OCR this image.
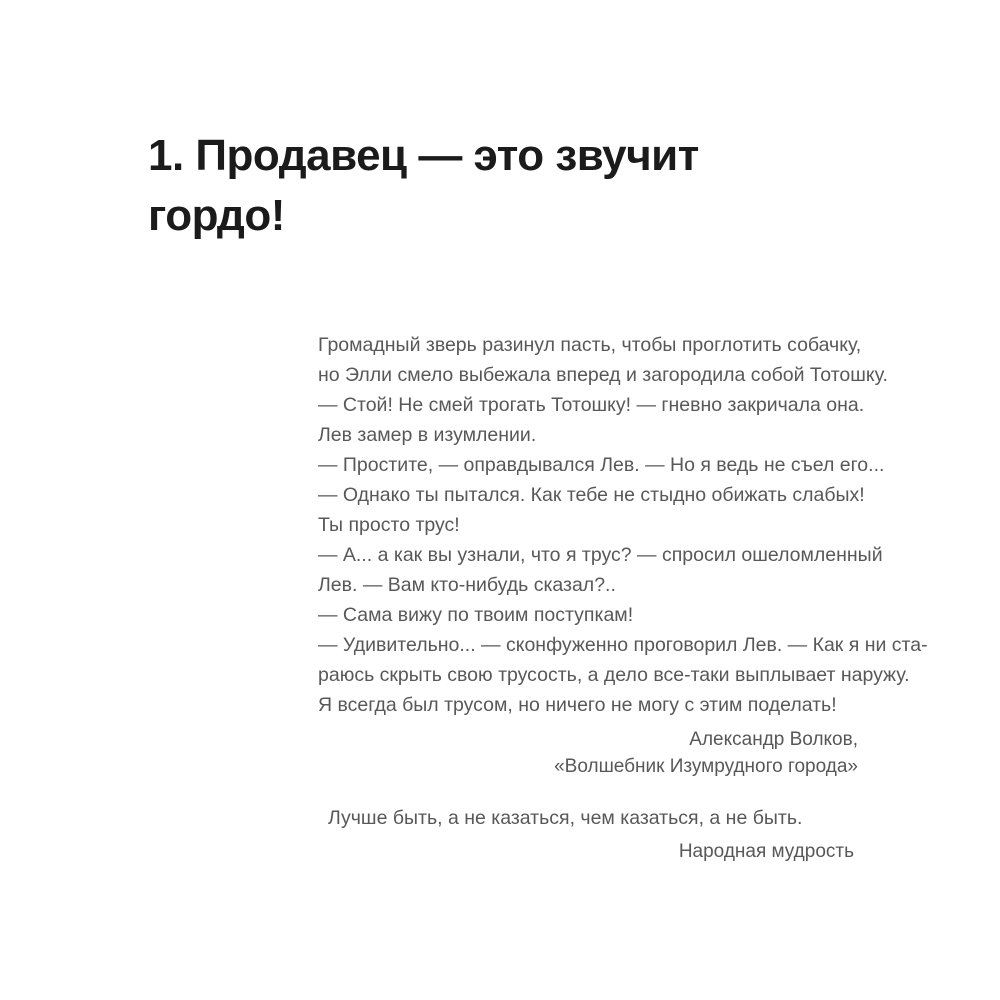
1. Продавец — это звучит
гордо!
Громадный зверь разинул пасть, чтобы проглотить собачку,
но Элли смело выбежала вперед и загородила собой Тотошку.
— Стой! Не смей трогать Тотошку! — гневно закричала она.
Лев замер в изумлении.
— Простите, — оправдывался Лев. — Но я ведь не съел его...
— Однако ты пытался. Как тебе не стыдно обижать слабых!
Ты просто трус!
— А... а как вы узнали, что я трус? — спросил ошеломленный
Лев. — Вам кто-нибудь сказал?..
— Сама вижу по твоим поступкам!
— Удивительно... — сконфуженно проговорил Лев. — Как я ни ста-
раюсь скрыть свою трусость, а дело все-таки выплывает наружу.
Я всегда был трусом, но ничего не могу с этим поделать!
Александр Волков,
«Волшебник Изумрудного города»
Лучше быть, а не казаться, чем казаться, а не быть.
Народная мудрость
